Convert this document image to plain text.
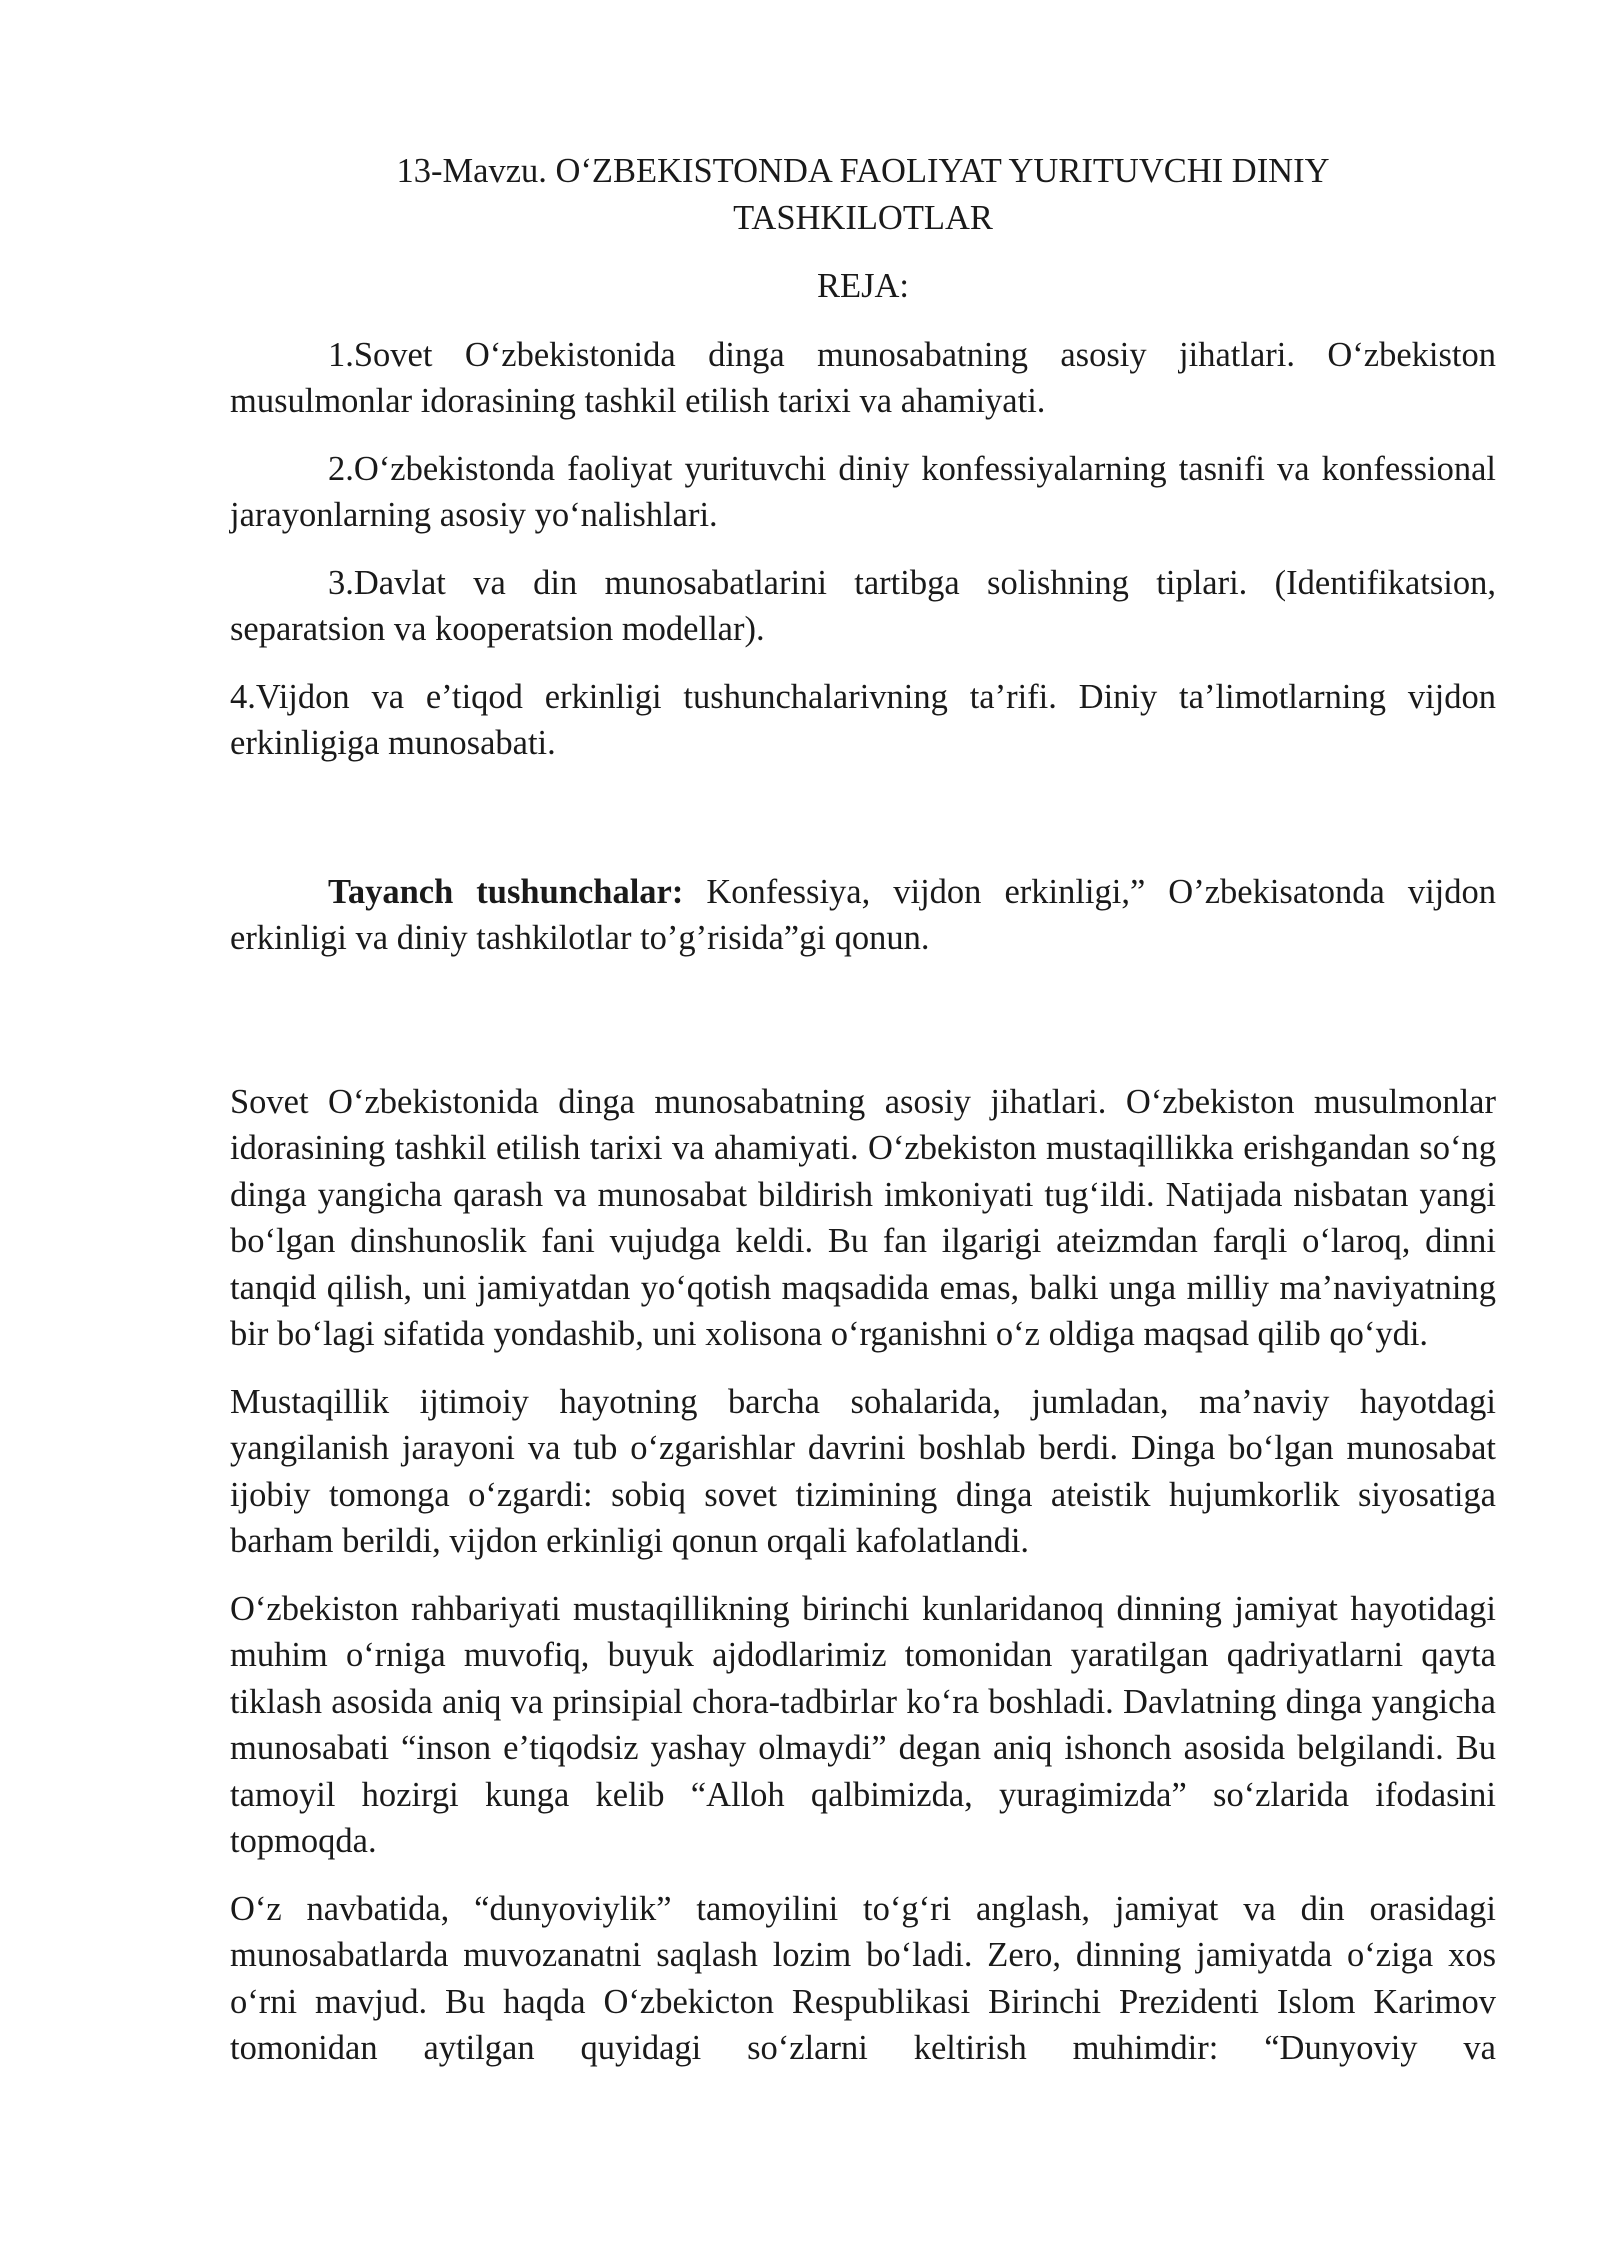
13-Mavzu. O‘ZBEKISTONDA FAOLIYAT YURITUVCHI DINIY
TASHKILOTLAR

REJA:

1.Sovet O‘zbekistonida dinga munosabatning asosiy jihatlari. O‘zbekiston musulmonlar idorasining tashkil etilish tarixi va ahamiyati.
2.O‘zbekistonda faoliyat yurituvchi diniy konfessiyalarning tasnifi va konfessional jarayonlarning asosiy yo‘nalishlari.
3.Davlat va din munosabatlarini tartibga solishning tiplari. (Identifikatsion, separatsion va kooperatsion modellar).
4.Vijdon va e’tiqod erkinligi tushunchalarivning ta’rifi. Diniy ta’limotlarning vijdon erkinligiga munosabati.

Tayanch tushunchalar: Konfessiya, vijdon erkinligi,” O’zbekisatonda vijdon erkinligi va diniy tashkilotlar to’g’risida”gi qonun.

Sovet O‘zbekistonida dinga munosabatning asosiy jihatlari. O‘zbekiston musulmonlar idorasining tashkil etilish tarixi va ahamiyati. O‘zbekiston mustaqillikka erishgandan so‘ng dinga yangicha qarash va munosabat bildirish imkoniyati tug‘ildi. Natijada nisbatan yangi bo‘lgan dinshunoslik fani vujudga keldi. Bu fan ilgarigi ateizmdan farqli o‘laroq, dinni tanqid qilish, uni jamiyatdan yo‘qotish maqsadida emas, balki unga milliy ma’naviyatning bir bo‘lagi sifatida yondashib, uni xolisona o‘rganishni o‘z oldiga maqsad qilib qo‘ydi.

Mustaqillik ijtimoiy hayotning barcha sohalarida, jumladan, ma’naviy hayotdagi yangilanish jarayoni va tub o‘zgarishlar davrini boshlab berdi. Dinga bo‘lgan munosabat ijobiy tomonga o‘zgardi: sobiq sovet tizimining dinga ateistik hujumkorlik siyosatiga barham berildi, vijdon erkinligi qonun orqali kafolatlandi.

O‘zbekiston rahbariyati mustaqillikning birinchi kunlaridanoq dinning jamiyat hayotidagi muhim o‘rniga muvofiq, buyuk ajdodlarimiz tomonidan yaratilgan qadriyatlarni qayta tiklash asosida aniq va prinsipial chora-tadbirlar ko‘ra boshladi. Davlatning dinga yangicha munosabati “inson e’tiqodsiz yashay olmaydi” degan aniq ishonch asosida belgilandi. Bu tamoyil hozirgi kunga kelib “Alloh qalbimizda, yuragimizda” so‘zlarida ifodasini topmoqda.

O‘z navbatida, “dunyoviylik” tamoyilini to‘g‘ri anglash, jamiyat va din orasidagi munosabatlarda muvozanatni saqlash lozim bo‘ladi. Zero, dinning jamiyatda o‘ziga xos o‘rni mavjud. Bu haqda O‘zbekicton Respublikasi Birinchi Prezidenti Islom Karimov tomonidan aytilgan quyidagi so‘zlarni keltirish muhimdir: “Dunyoviy va
